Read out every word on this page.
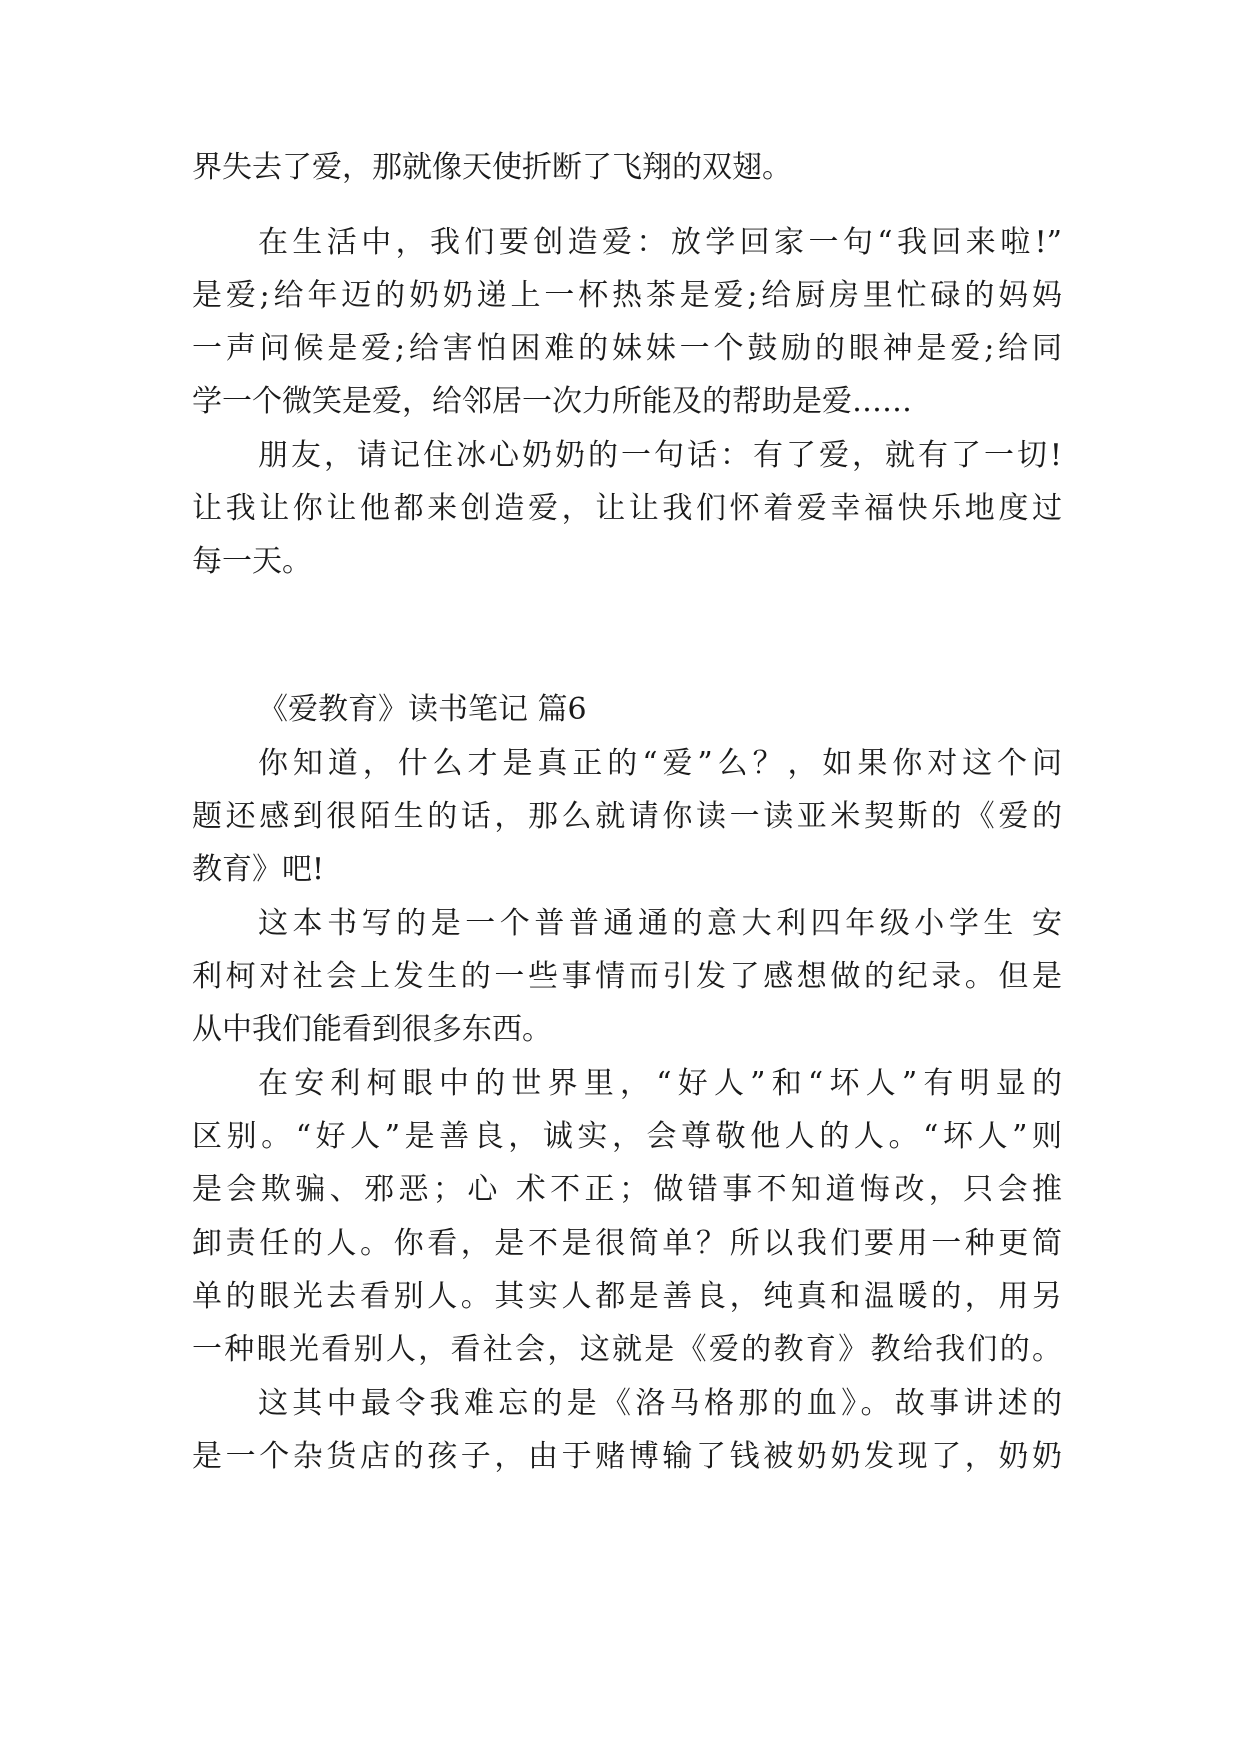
界失去了爱，那就像天使折断了飞翔的双翅。
在生活中，我们要创造爱：放学回家一句“我回来啦!”
是爱;给年迈的奶奶递上一杯热茶是爱;给厨房里忙碌的妈妈
一声问候是爱;给害怕困难的妹妹一个鼓励的眼神是爱;给同
学一个微笑是爱，给邻居一次力所能及的帮助是爱……
朋友，请记住冰心奶奶的一句话：有了爱，就有了一切!
让我让你让他都来创造爱，让让我们怀着爱幸福快乐地度过
每一天。
《爱教育》读书笔记 篇6
你知道，什么才是真正的“爱”么？，如果你对这个问
题还感到很陌生的话，那么就请你读一读亚米契斯的《爱的
教育》吧!
这本书写的是一个普普通通的意大利四年级小学生 安
利柯对社会上发生的一些事情而引发了感想做的纪录。但是
从中我们能看到很多东西。
在安利柯眼中的世界里，“好人”和“坏人”有明显的
区别。“好人”是善良，诚实，会尊敬他人的人。“坏人”则
是会欺骗、邪恶；心 术不正；做错事不知道悔改，只会推
卸责任的人。你看，是不是很简单？所以我们要用一种更简
单的眼光去看别人。其实人都是善良，纯真和温暖的，用另
一种眼光看别人，看社会，这就是《爱的教育》教给我们的。
这其中最令我难忘的是《洛马格那的血》。故事讲述的
是一个杂货店的孩子，由于赌博输了钱被奶奶发现了，奶奶
